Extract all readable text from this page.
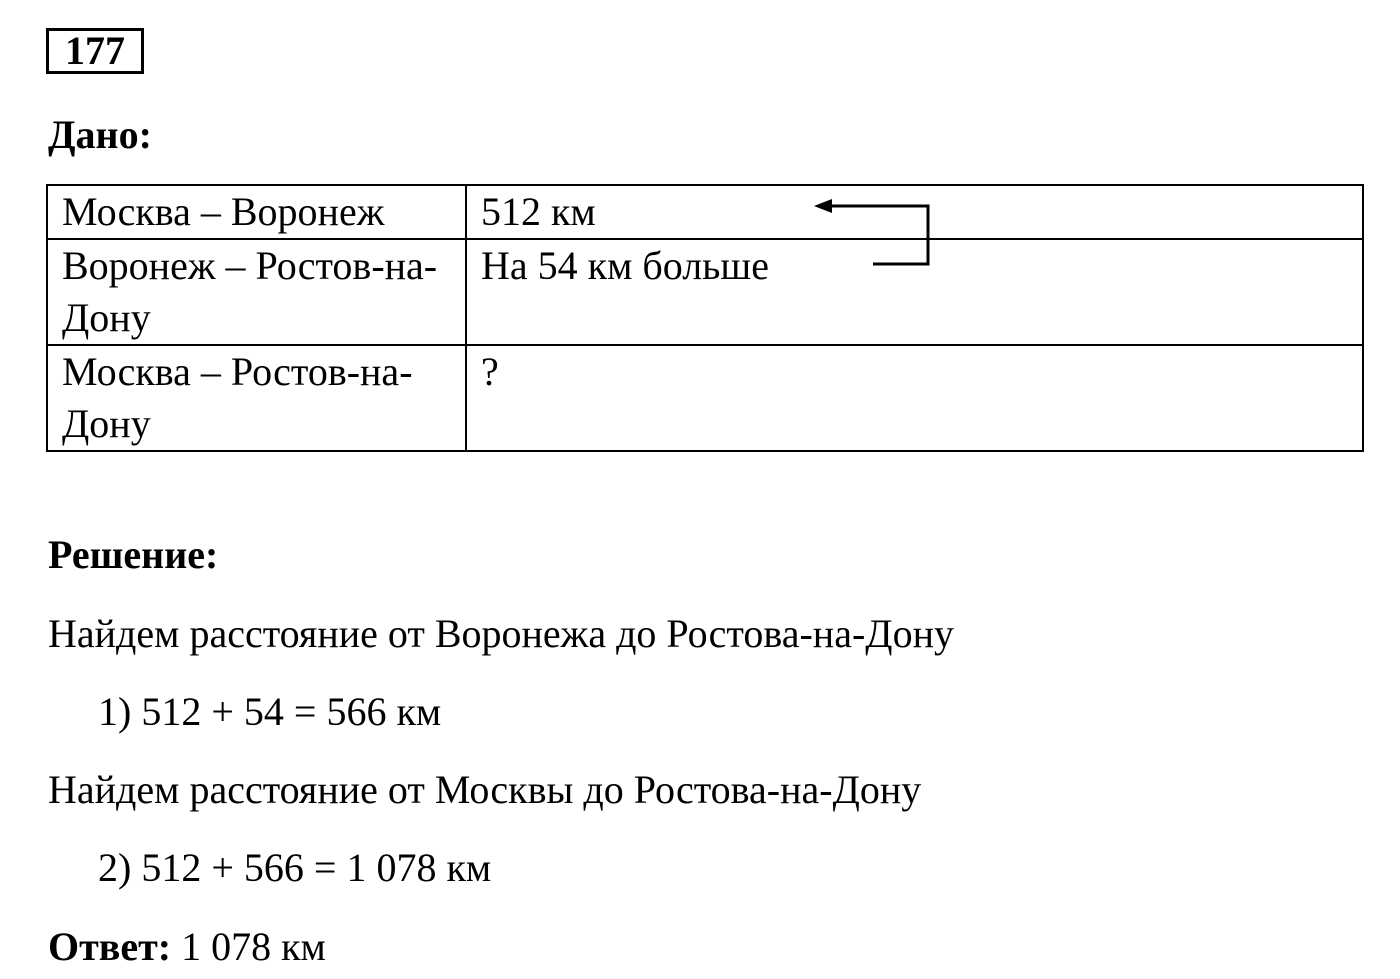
177
Дано:
Москва – Воронеж	512 км
Воронеж – Ростов-на-Дону	На 54 км больше
Москва – Ростов-на-Дону	?
Решение:
Найдем расстояние от Воронежа до Ростова-на-Дону
1) 512 + 54 = 566 км
Найдем расстояние от Москвы до Ростова-на-Дону
2) 512 + 566 = 1 078 км
Ответ: 1 078 км
